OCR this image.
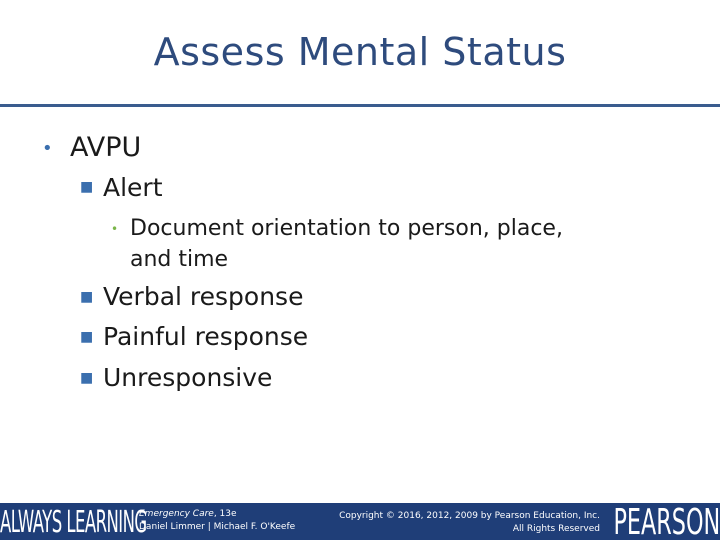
Assess Mental Status
• AVPU
■ Alert
• Document orientation to person, place,
and time
■ Verbal response
■ Painful response
■ Unresponsive
ALWAYS LEARNING
Emergency Care, 13e
Daniel Limmer | Michael F. O'Keefe
Copyright © 2016, 2012, 2009 by Pearson Education, Inc.
All Rights Reserved PEARSON
